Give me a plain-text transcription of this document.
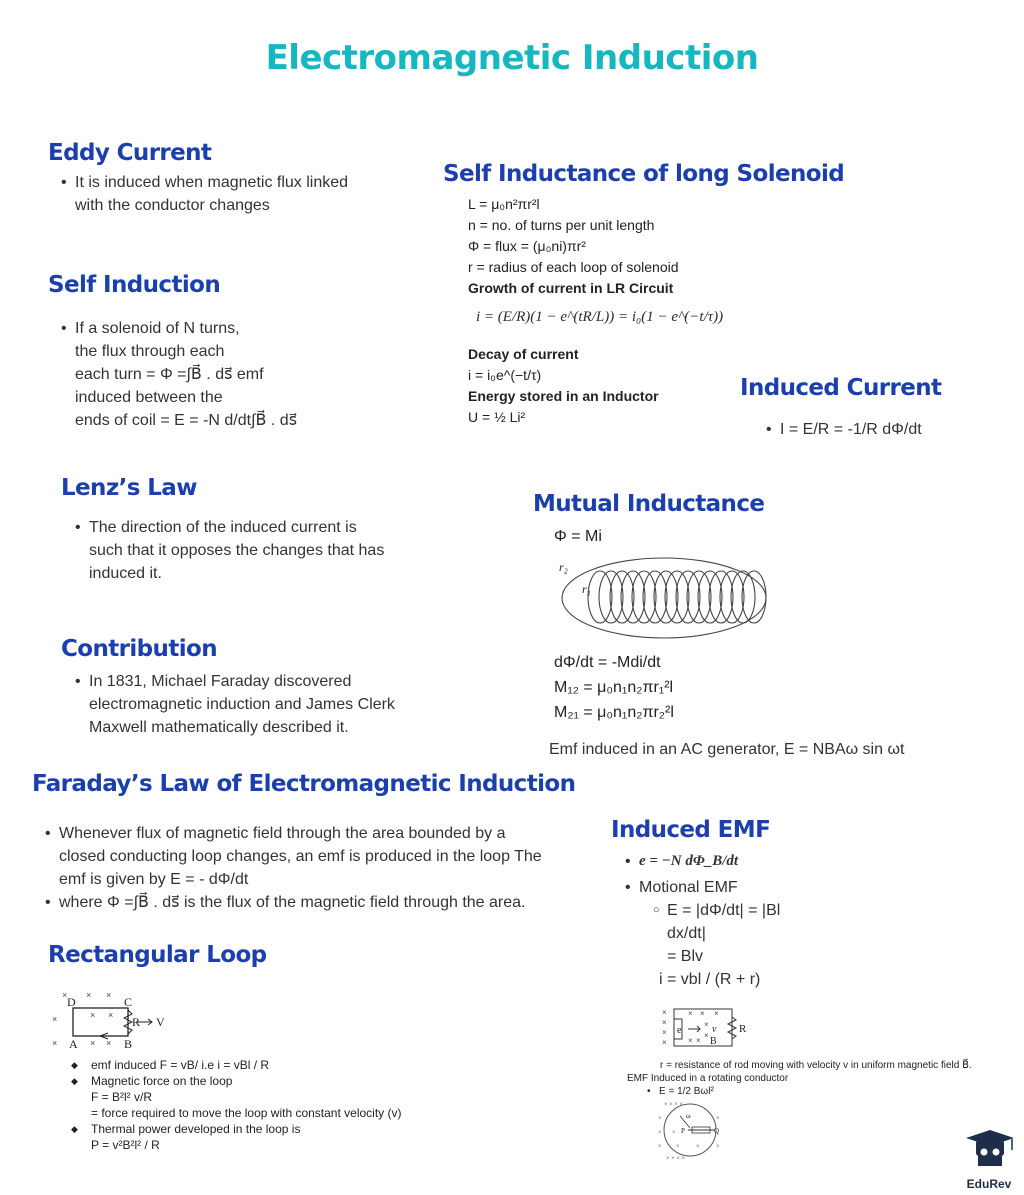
Electromagnetic Induction
Eddy Current
• It is induced when magnetic flux linked
with the conductor changes
Self Induction
• If a solenoid of N turns,
the flux through each
each turn = Φ =∫B⃗ . ds⃗ emf
induced between the
ends of coil = E = -N d/dt∫B⃗ . ds⃗
Self Inductance of long Solenoid
L = μ₀n²πr²l
n = no. of turns per unit length
Φ = flux = (μ₀ni)πr²
r = radius of each loop of solenoid
Growth of current in LR Circuit
i = (E/R)(1 − e^(tR/L)) = i₀(1 − e^(−t/τ))
Decay of current
i = i₀e^(−t/τ)
Energy stored in an Inductor
U = ½ Li²
Induced Current
• I = E/R = -1/R dΦ/dt
Lenz’s Law
• The direction of the induced current is
such that it opposes the changes that has
induced it.
Mutual Inductance
Φ = Mi
r₂
r₁
dΦ/dt = -Mdi/dt
M₁₂ = μ₀n₁n₂πr₁²l
M₂₁ = μ₀n₁n₂πr₂²l
Emf induced in an AC generator, E = NBAω sin ωt
Contribution
• In 1831, Michael Faraday discovered
electromagnetic induction and James Clerk
Maxwell mathematically described it.
Faraday’s Law of Electromagnetic Induction
• Whenever flux of magnetic field through the area bounded by a
closed conducting loop changes, an emf is produced in the loop The
emf is given by E = - dΦ/dt
• where Φ =∫B⃗ . ds⃗ is the flux of the magnetic field through the area.
Induced EMF
• e = −N dΦ_B/dt
• Motional EMF
○ E = |dΦ/dt| = |Bl
dx/dt|
= Blv
i = vbl / (R + r)
×
×
×
×
× × ×
×
×
× ×
e	v R
B
r = resistance of rod moving with velocity v in uniform magnetic field B⃗.
EMF Induced in a rotating conductor
• E = 1/2 Bωl²
× × × ×
×
×
×
×
×
× × × ×
×
×	×
P	Q
ω
Rectangular Loop
× × ×
×	× ×
×	× ×
D	C
A	B
R V
◆ emf induced F = vB/ i.e i = vBl / R
◆ Magnetic force on the loop
F = B²l² v/R
= force required to move the loop with constant velocity (v)
◆ Thermal power developed in the loop is
P = v²B²l² / R
EduRev
